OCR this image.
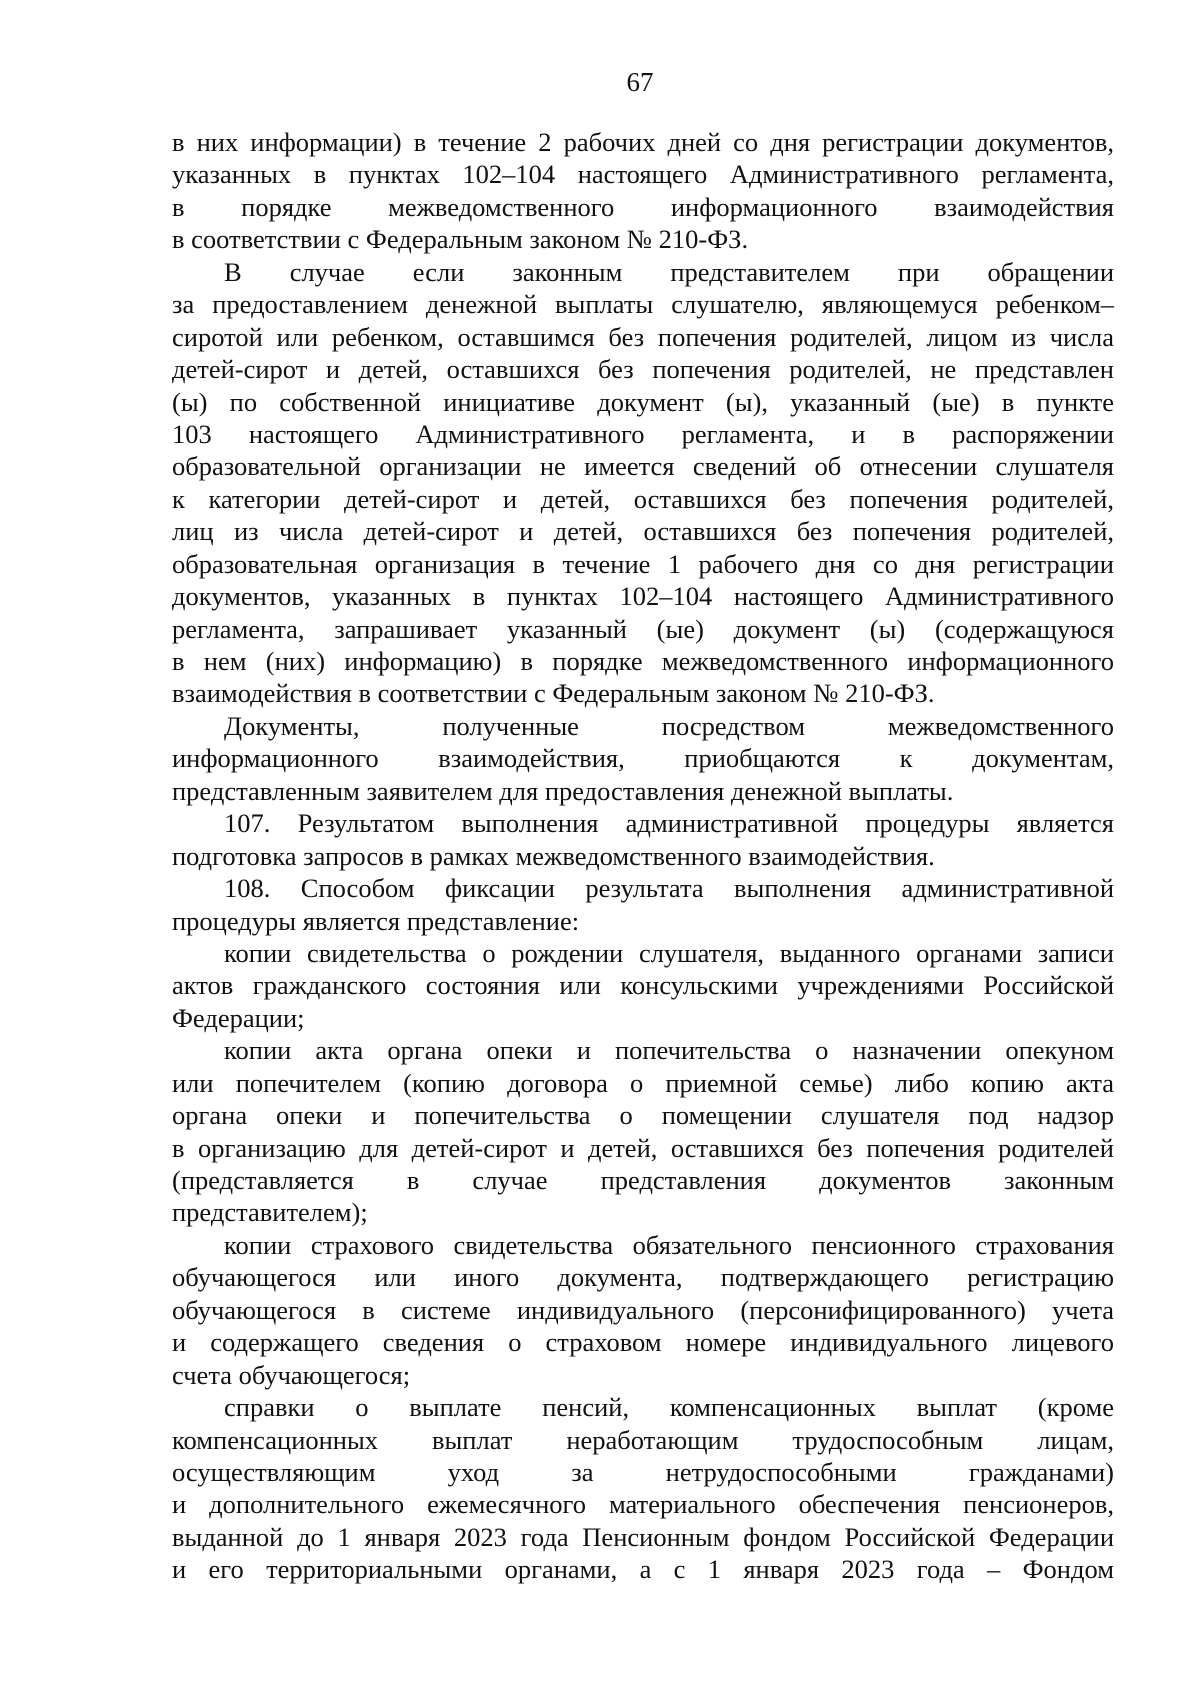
67

в них информации) в течение 2 рабочих дней со дня регистрации документов,
указанных в пунктах 102–104 настоящего Административного регламента,
в порядке межведомственного информационного взаимодействия
в соответствии с Федеральным законом № 210-ФЗ.

В случае если законным представителем при обращении
за предоставлением денежной выплаты слушателю, являющемуся ребенком–
сиротой или ребенком, оставшимся без попечения родителей, лицом из числа
детей-сирот и детей, оставшихся без попечения родителей, не представлен
(ы) по собственной инициативе документ (ы), указанный (ые) в пункте
103 настоящего Административного регламента, и в распоряжении
образовательной организации не имеется сведений об отнесении слушателя
к категории детей-сирот и детей, оставшихся без попечения родителей,
лиц из числа детей-сирот и детей, оставшихся без попечения родителей,
образовательная организация в течение 1 рабочего дня со дня регистрации
документов, указанных в пунктах 102–104 настоящего Административного
регламента, запрашивает указанный (ые) документ (ы) (содержащуюся
в нем (них) информацию) в порядке межведомственного информационного
взаимодействия в соответствии с Федеральным законом № 210-ФЗ.

Документы, полученные посредством межведомственного
информационного взаимодействия, приобщаются к документам,
представленным заявителем для предоставления денежной выплаты.

107. Результатом выполнения административной процедуры является
подготовка запросов в рамках межведомственного взаимодействия.

108. Способом фиксации результата выполнения административной
процедуры является представление:

копии свидетельства о рождении слушателя, выданного органами записи
актов гражданского состояния или консульскими учреждениями Российской
Федерации;

копии акта органа опеки и попечительства о назначении опекуном
или попечителем (копию договора о приемной семье) либо копию акта
органа опеки и попечительства о помещении слушателя под надзор
в организацию для детей-сирот и детей, оставшихся без попечения родителей
(представляется в случае представления документов законным
представителем);

копии страхового свидетельства обязательного пенсионного страхования
обучающегося или иного документа, подтверждающего регистрацию
обучающегося в системе индивидуального (персонифицированного) учета
и содержащего сведения о страховом номере индивидуального лицевого
счета обучающегося;

справки о выплате пенсий, компенсационных выплат (кроме
компенсационных выплат неработающим трудоспособным лицам,
осуществляющим уход за нетрудоспособными гражданами)
и дополнительного ежемесячного материального обеспечения пенсионеров,
выданной до 1 января 2023 года Пенсионным фондом Российской Федерации
и его территориальными органами, а с 1 января 2023 года – Фондом
